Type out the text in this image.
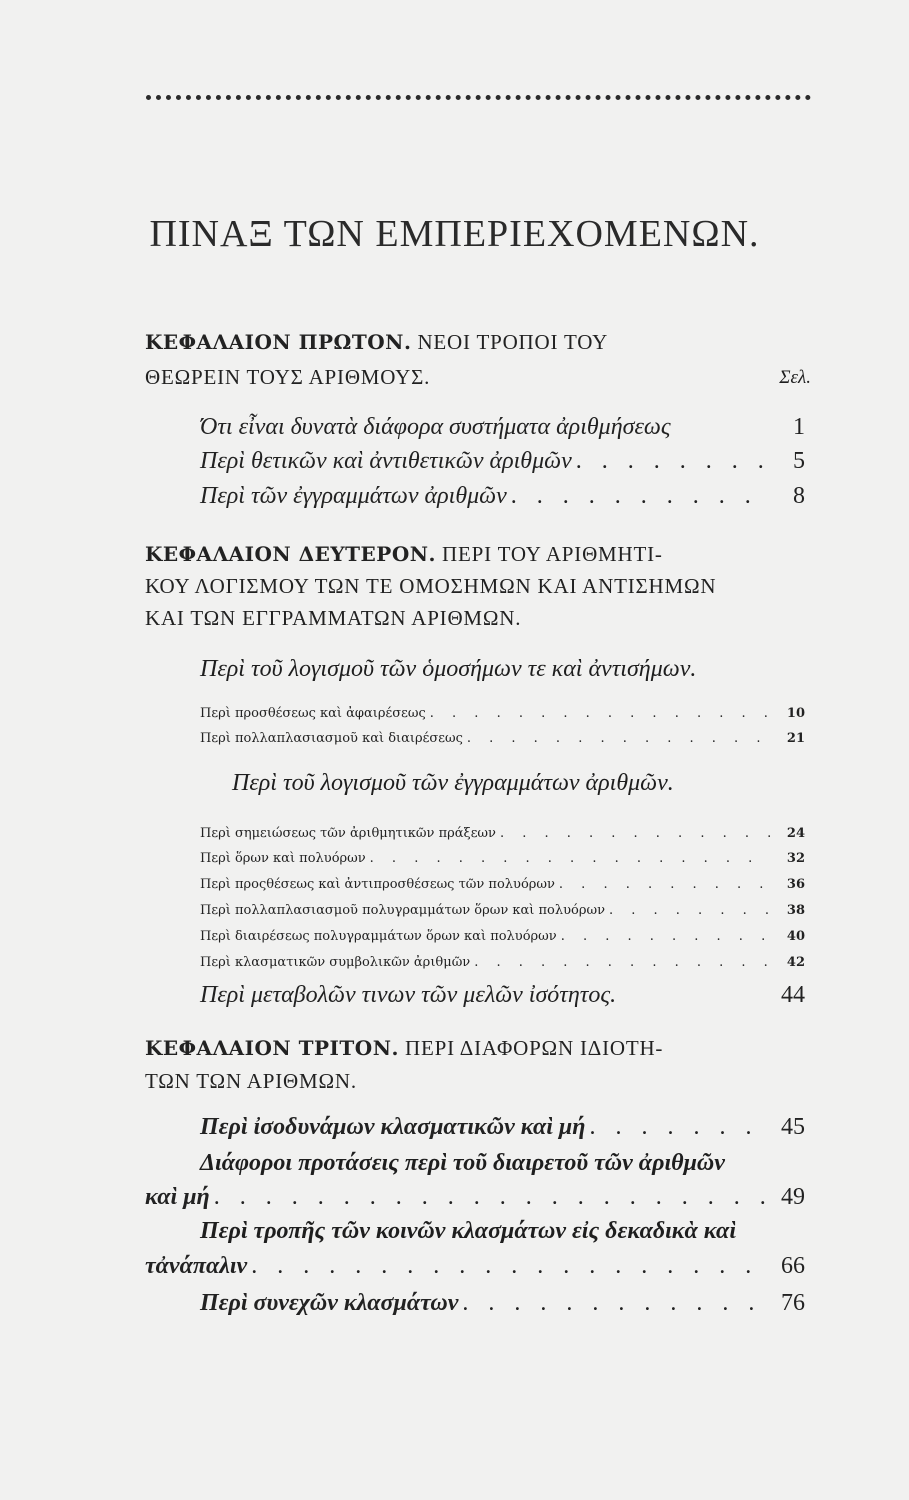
ΠΙΝΑΞ ΤΩΝ ΕΜΠΕΡΙΕΧΟΜΕΝΩΝ.
ΚΕΦΑΛΑΙΟΝ ΠΡΩΤΟΝ. ΝΕΟΙ ΤΡΟΠΟΙ ΤΟΥ
ΘΕΩΡΕΙΝ ΤΟΥΣ ΑΡΙΘΜΟΥΣ.	Σελ.
Ότι εἶναι δυνατὰ διάφορα συστήματα ἀριθμήσεως	1
Περὶ θετικῶν καὶ ἀντιθετικῶν ἀριθμῶν . . .	5
Περὶ τῶν ἐγγραμμάτων ἀριθμῶν . . .	8
ΚΕΦΑΛΑΙΟΝ ΔΕΥΤΕΡΟΝ. ΠΕΡΙ ΤΟΥ ΑΡΙΘΜΗΤΙ-
ΚΟΥ ΛΟΓΙΣΜΟΥ ΤΩΝ ΤΕ ΟΜΟΣΗΜΩΝ ΚΑΙ ΑΝΤΙΣΗΜΩΝ
ΚΑΙ ΤΩΝ ΕΓΓΡΑΜΜΑΤΩΝ ΑΡΙΘΜΩΝ.
Περὶ τοῦ λογισμοῦ τῶν ὁμοσήμων τε καὶ ἀντισήμων.
Περὶ προσθέσεως καὶ ἀφαιρέσεως . . .	10
Περὶ πολλαπλασιασμοῦ καὶ διαιρέσεως . . .	21
Περὶ τοῦ λογισμοῦ τῶν ἐγγραμμάτων ἀριθμῶν.
Περὶ σημειώσεως τῶν ἀριθμητικῶν πράξεων . . .	24
Περὶ ὅρων καὶ πολυόρων . . .	32
Περὶ προςθέσεως καὶ ἀντιπροσθέσεως τῶν πολυόρων . . .	36
Περὶ πολλαπλασιασμοῦ πολυγραμμάτων ὅρων καὶ πολυόρων . . .	38
Περὶ διαιρέσεως πολυγραμμάτων ὅρων καὶ πολυόρων . . .	40
Περὶ κλασματικῶν συμβολικῶν ἀριθμῶν . . .	42
Περὶ μεταβολῶν τινων τῶν μελῶν ἰσότητος.	44
ΚΕΦΑΛΑΙΟΝ ΤΡΙΤΟΝ. ΠΕΡΙ ΔΙΑΦΟΡΩΝ ΙΔΙΟΤΗ-
ΤΩΝ ΤΩΝ ΑΡΙΘΜΩΝ.
Περὶ ἰσοδυνάμων κλασματικῶν καὶ μή . . .	45
Διάφοροι προτάσεις περὶ τοῦ διαιρετοῦ τῶν ἀριθμῶν
καὶ μή . . .	49
Περὶ τροπῆς τῶν κοινῶν κλασμάτων εἰς δεκαδικὰ καὶ
τἀνάπαλιν . . .	66
Περὶ συνεχῶν κλασμάτων . . .	76
